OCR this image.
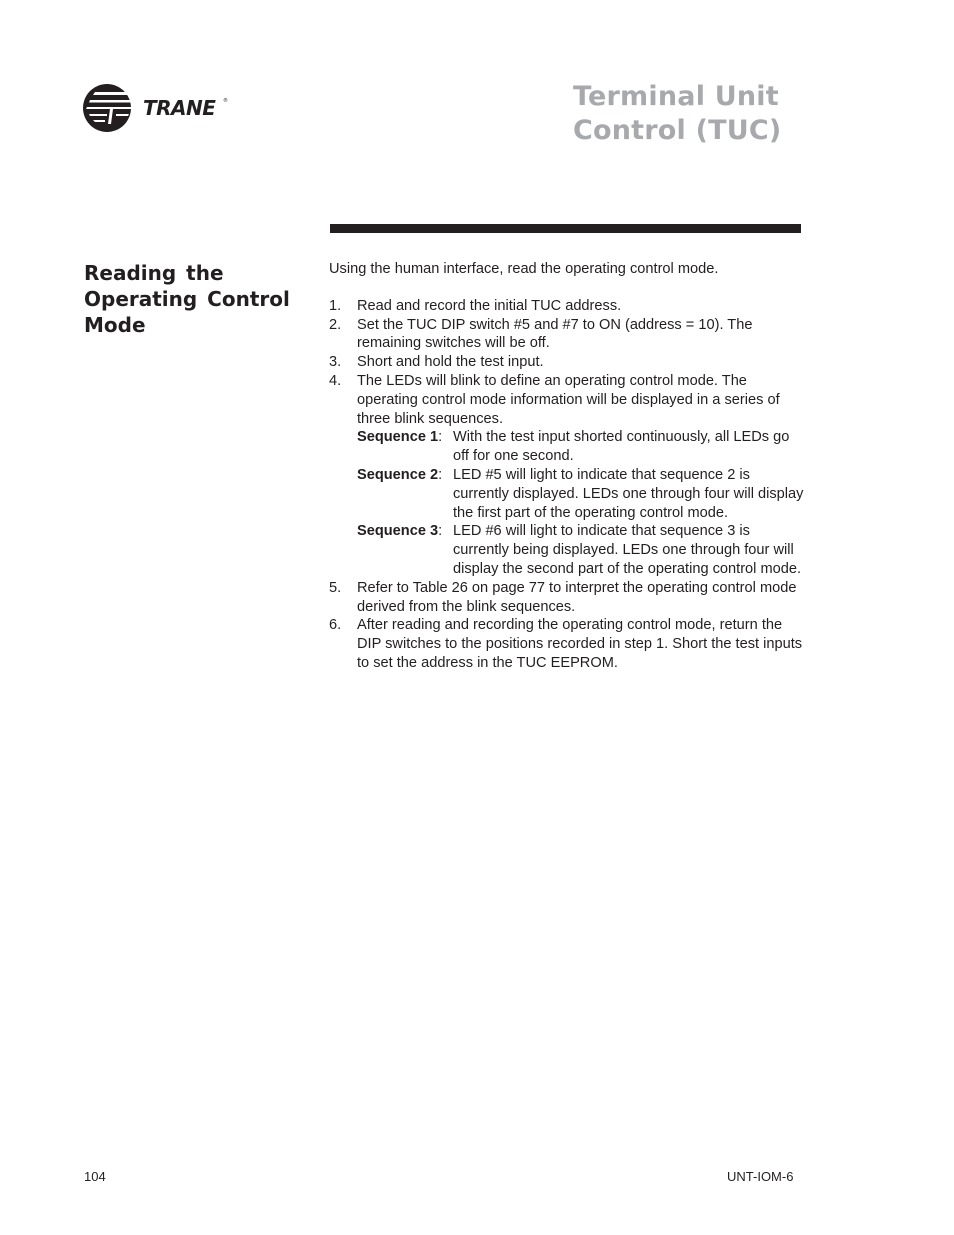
TRANE ®	Terminal Unit
Control (TUC)
Reading the
Operating Control
Mode

Using the human interface, read the operating control mode.

1.	Read and record the initial TUC address.
2.	Set the TUC DIP switch #5 and #7 to ON (address = 10). The remaining switches will be off.
3.	Short and hold the test input.
4.	The LEDs will blink to define an operating control mode. The operating control mode information will be displayed in a series of three blink sequences.
Sequence 1: With the test input shorted continuously, all LEDs go off for one second.
Sequence 2: LED #5 will light to indicate that sequence 2 is currently displayed. LEDs one through four will display the first part of the operating control mode.
Sequence 3: LED #6 will light to indicate that sequence 3 is currently being displayed. LEDs one through four will display the second part of the operating control mode.
5.	Refer to Table 26 on page 77 to interpret the operating control mode derived from the blink sequences.
6.	After reading and recording the operating control mode, return the DIP switches to the positions recorded in step 1. Short the test inputs to set the address in the TUC EEPROM.
104	UNT-IOM-6
